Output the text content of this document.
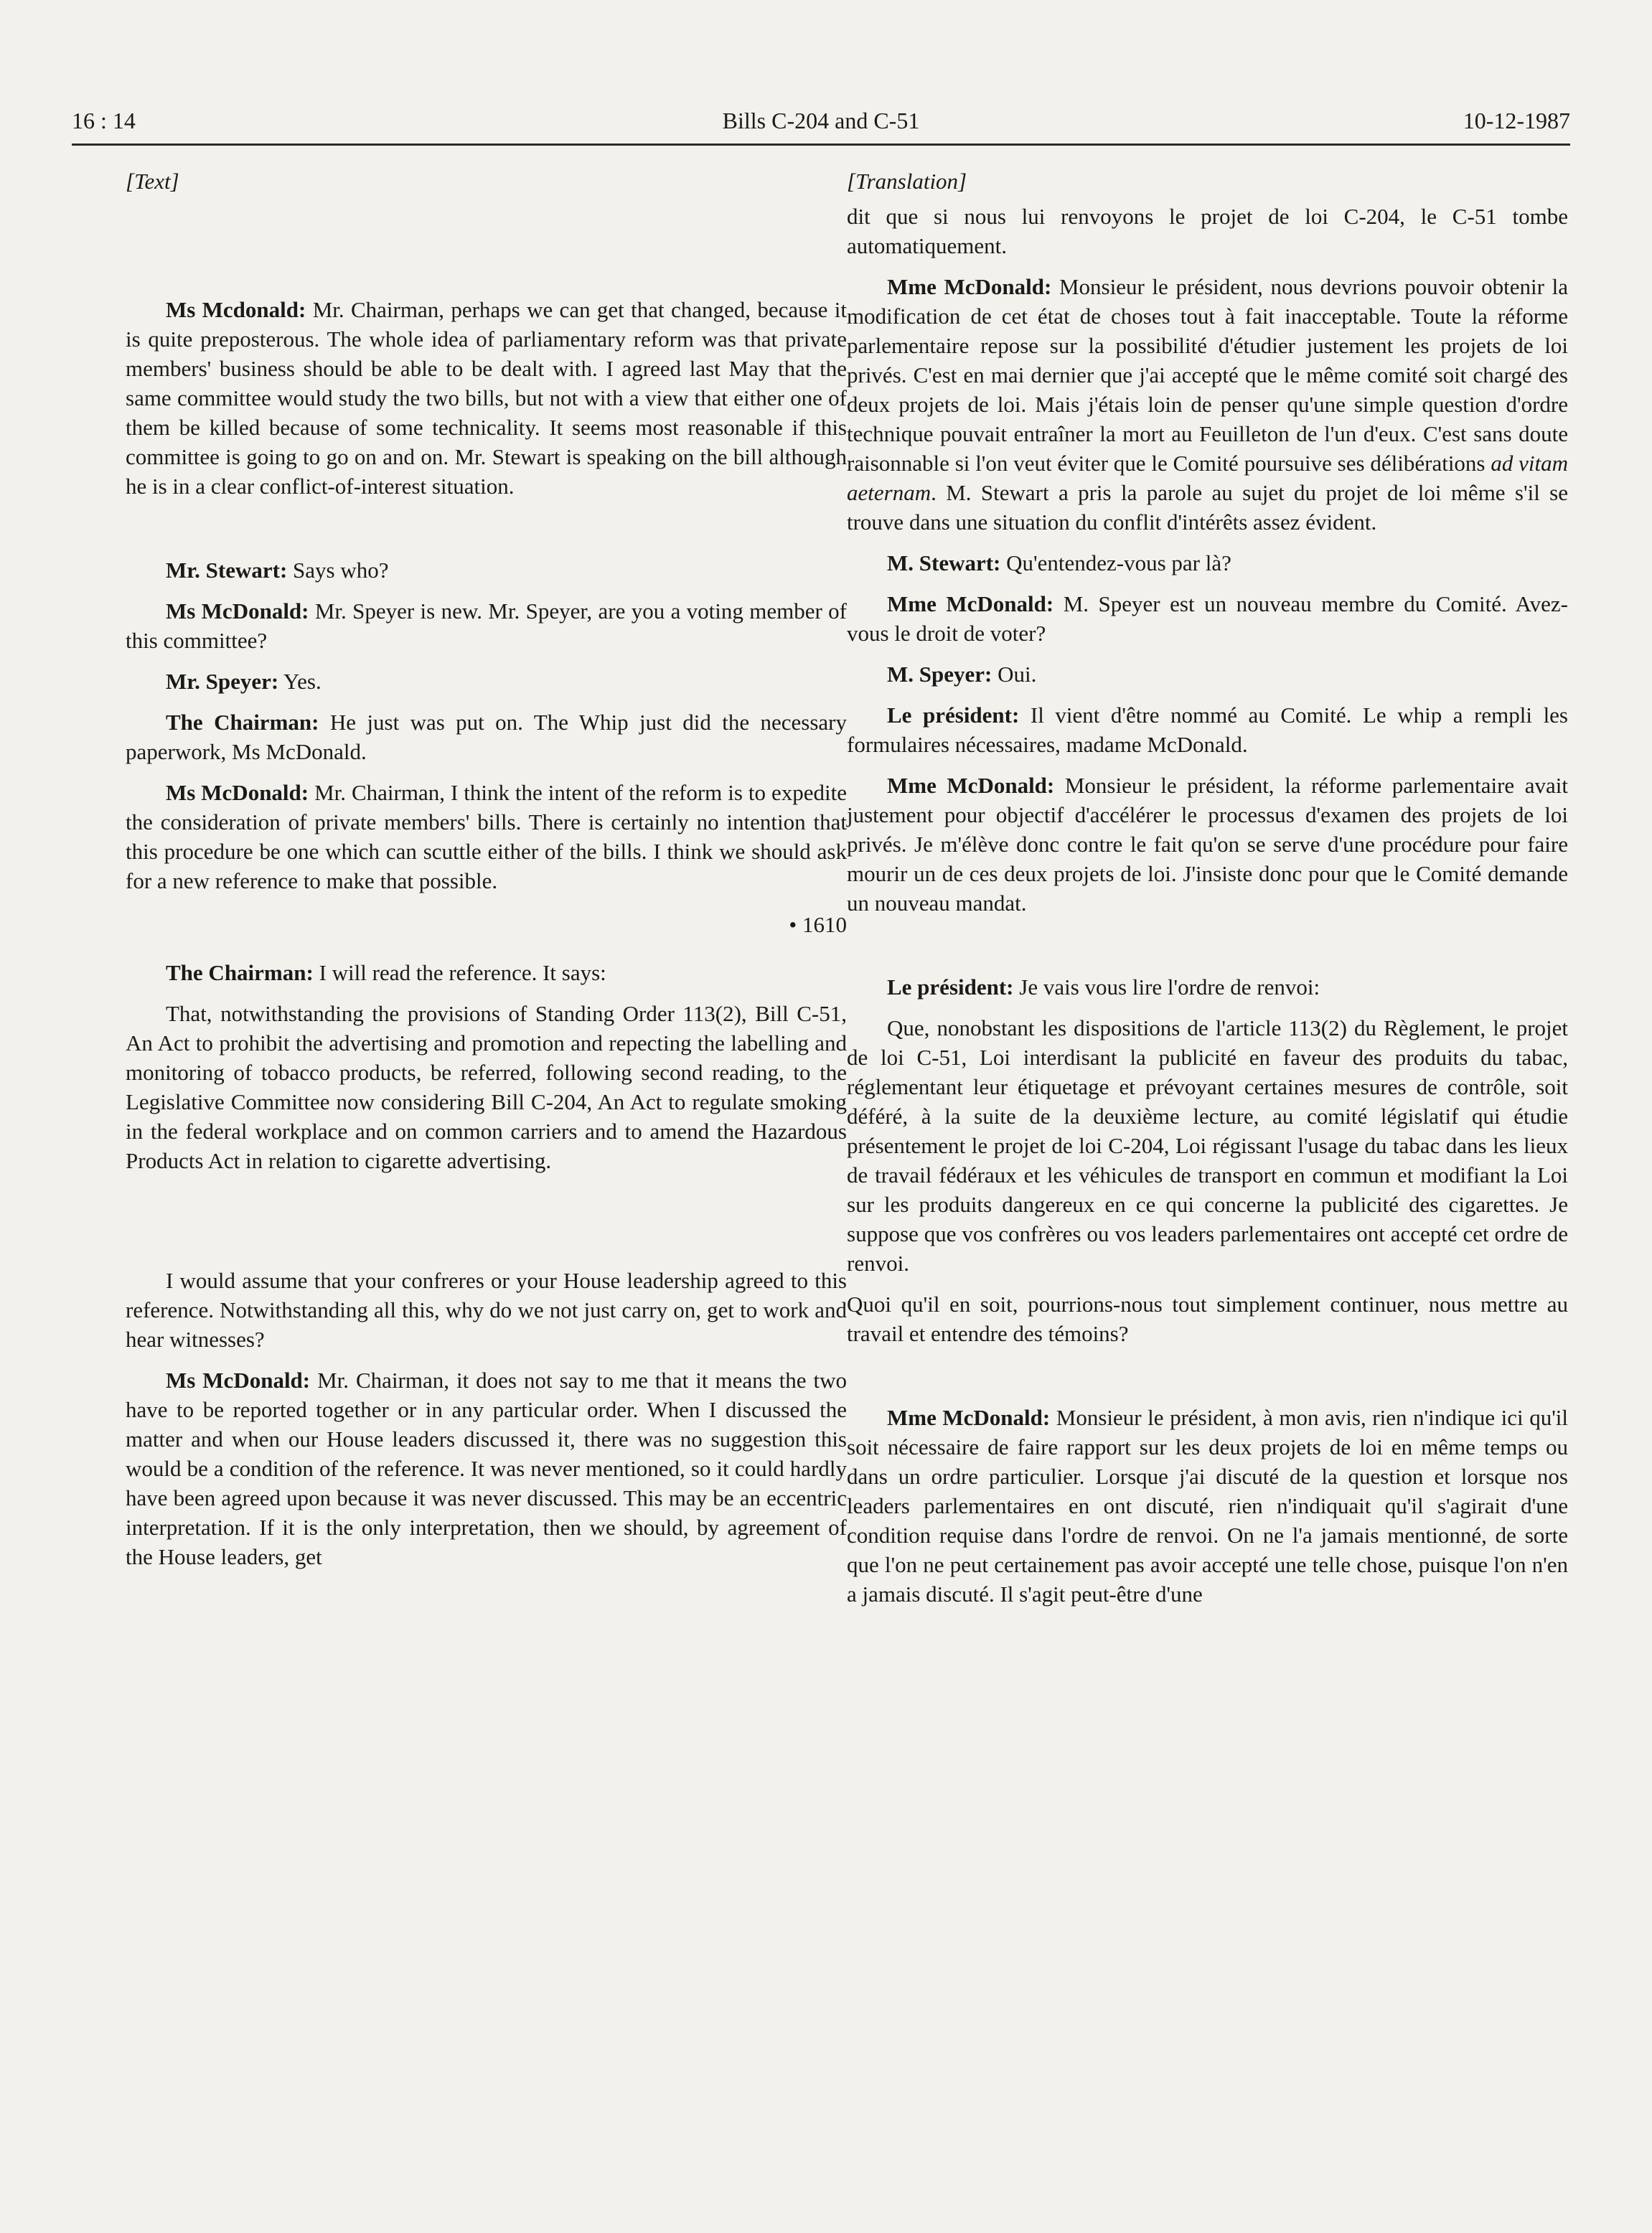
16 : 14	Bills C-204 and C-51	10-12-1987

[Text]

Ms Mcdonald: Mr. Chairman, perhaps we can get that changed, because it is quite preposterous. The whole idea of parliamentary reform was that private members' business should be able to be dealt with. I agreed last May that the same committee would study the two bills, but not with a view that either one of them be killed because of some technicality. It seems most reasonable if this committee is going to go on and on. Mr. Stewart is speaking on the bill although he is in a clear conflict-of-interest situation.

Mr. Stewart: Says who?

Ms McDonald: Mr. Speyer is new. Mr. Speyer, are you a voting member of this committee?

Mr. Speyer: Yes.

The Chairman: He just was put on. The Whip just did the necessary paperwork, Ms McDonald.

Ms McDonald: Mr. Chairman, I think the intent of the reform is to expedite the consideration of private members' bills. There is certainly no intention that this procedure be one which can scuttle either of the bills. I think we should ask for a new reference to make that possible.

• 1610

The Chairman: I will read the reference. It says:

That, notwithstanding the provisions of Standing Order 113(2), Bill C-51, An Act to prohibit the advertising and promotion and repecting the labelling and monitoring of tobacco products, be referred, following second reading, to the Legislative Committee now considering Bill C-204, An Act to regulate smoking in the federal workplace and on common carriers and to amend the Hazardous Products Act in relation to cigarette advertising.

I would assume that your confreres or your House leadership agreed to this reference. Notwithstanding all this, why do we not just carry on, get to work and hear witnesses?

Ms McDonald: Mr. Chairman, it does not say to me that it means the two have to be reported together or in any particular order. When I discussed the matter and when our House leaders discussed it, there was no suggestion this would be a condition of the reference. It was never mentioned, so it could hardly have been agreed upon because it was never discussed. This may be an eccentric interpretation. If it is the only interpretation, then we should, by agreement of the House leaders, get

[Translation]

dit que si nous lui renvoyons le projet de loi C-204, le C-51 tombe automatiquement.

Mme McDonald: Monsieur le président, nous devrions pouvoir obtenir la modification de cet état de choses tout à fait inacceptable. Toute la réforme parlementaire repose sur la possibilité d'étudier justement les projets de loi privés. C'est en mai dernier que j'ai accepté que le même comité soit chargé des deux projets de loi. Mais j'étais loin de penser qu'une simple question d'ordre technique pouvait entraîner la mort au Feuilleton de l'un d'eux. C'est sans doute raisonnable si l'on veut éviter que le Comité poursuive ses délibérations ad vitam aeternam. M. Stewart a pris la parole au sujet du projet de loi même s'il se trouve dans une situation du conflit d'intérêts assez évident.

M. Stewart: Qu'entendez-vous par là?

Mme McDonald: M. Speyer est un nouveau membre du Comité. Avez-vous le droit de voter?

M. Speyer: Oui.

Le président: Il vient d'être nommé au Comité. Le whip a rempli les formulaires nécessaires, madame McDonald.

Mme McDonald: Monsieur le président, la réforme parlementaire avait justement pour objectif d'accélérer le processus d'examen des projets de loi privés. Je m'élève donc contre le fait qu'on se serve d'une procédure pour faire mourir un de ces deux projets de loi. J'insiste donc pour que le Comité demande un nouveau mandat.

Le président: Je vais vous lire l'ordre de renvoi:

Que, nonobstant les dispositions de l'article 113(2) du Règlement, le projet de loi C-51, Loi interdisant la publicité en faveur des produits du tabac, réglementant leur étiquetage et prévoyant certaines mesures de contrôle, soit déféré, à la suite de la deuxième lecture, au comité législatif qui étudie présentement le projet de loi C-204, Loi régissant l'usage du tabac dans les lieux de travail fédéraux et les véhicules de transport en commun et modifiant la Loi sur les produits dangereux en ce qui concerne la publicité des cigarettes. Je suppose que vos confrères ou vos leaders parlementaires ont accepté cet ordre de renvoi.

Quoi qu'il en soit, pourrions-nous tout simplement continuer, nous mettre au travail et entendre des témoins?

Mme McDonald: Monsieur le président, à mon avis, rien n'indique ici qu'il soit nécessaire de faire rapport sur les deux projets de loi en même temps ou dans un ordre particulier. Lorsque j'ai discuté de la question et lorsque nos leaders parlementaires en ont discuté, rien n'indiquait qu'il s'agirait d'une condition requise dans l'ordre de renvoi. On ne l'a jamais mentionné, de sorte que l'on ne peut certainement pas avoir accepté une telle chose, puisque l'on n'en a jamais discuté. Il s'agit peut-être d'une
